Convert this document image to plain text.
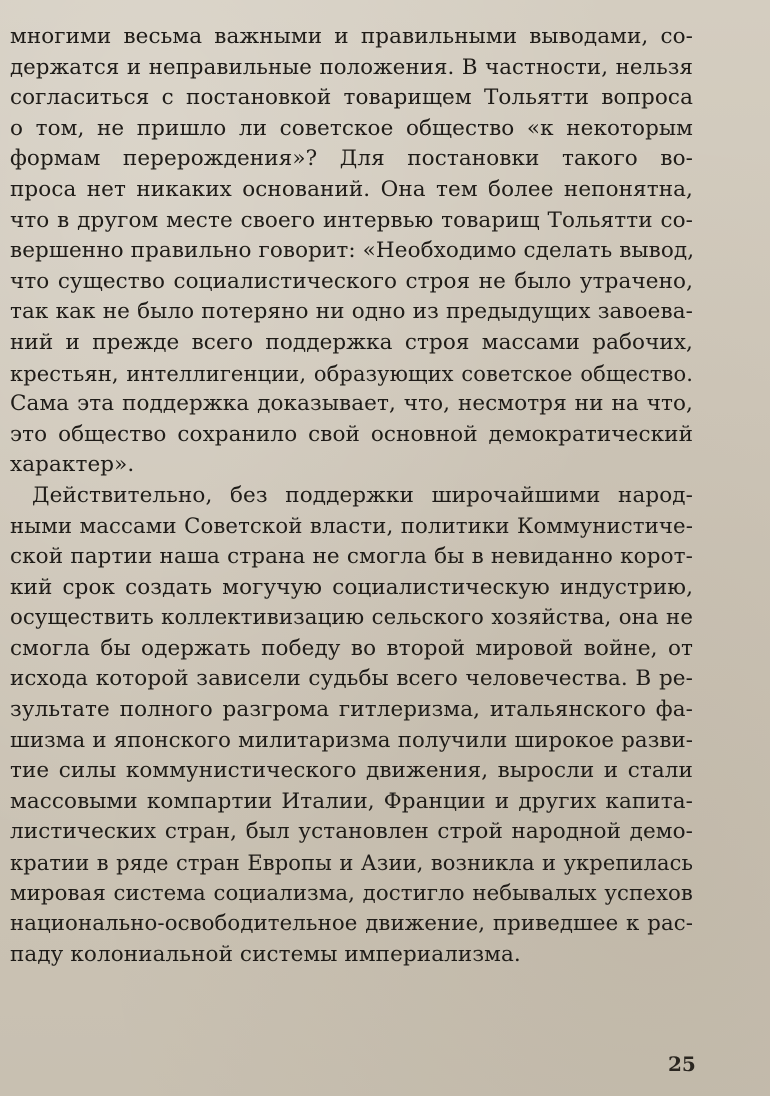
многими весьма важными и правильными выводами, со-
держатся и неправильные положения. В частности, нельзя
согласиться с постановкой товарищем Тольятти вопроса
о том, не пришло ли советское общество «к некоторым
формам перерождения»? Для постановки такого во-
проса нет никаких оснований. Она тем более непонятна,
что в другом месте своего интервью товарищ Тольятти со-
вершенно правильно говорит: «Необходимо сделать вывод,
что существо социалистического строя не было утрачено,
так как не было потеряно ни одно из предыдущих завоева-
ний и прежде всего поддержка строя массами рабочих,
крестьян, интеллигенции, образующих советское общество.
Сама эта поддержка доказывает, что, несмотря ни на что,
это общество сохранило свой основной демократический
характер».
Действительно, без поддержки широчайшими народ-
ными массами Советской власти, политики Коммунистиче-
ской партии наша страна не смогла бы в невиданно корот-
кий срок создать могучую социалистическую индустрию,
осуществить коллективизацию сельского хозяйства, она не
смогла бы одержать победу во второй мировой войне, от
исхода которой зависели судьбы всего человечества. В ре-
зультате полного разгрома гитлеризма, итальянского фа-
шизма и японского милитаризма получили широкое разви-
тие силы коммунистического движения, выросли и стали
массовыми компартии Италии, Франции и других капита-
листических стран, был установлен строй народной демо-
кратии в ряде стран Европы и Азии, возникла и укрепилась
мировая система социализма, достигло небывалых успехов
национально-освободительное движение, приведшее к рас-
паду колониальной системы империализма.
25
